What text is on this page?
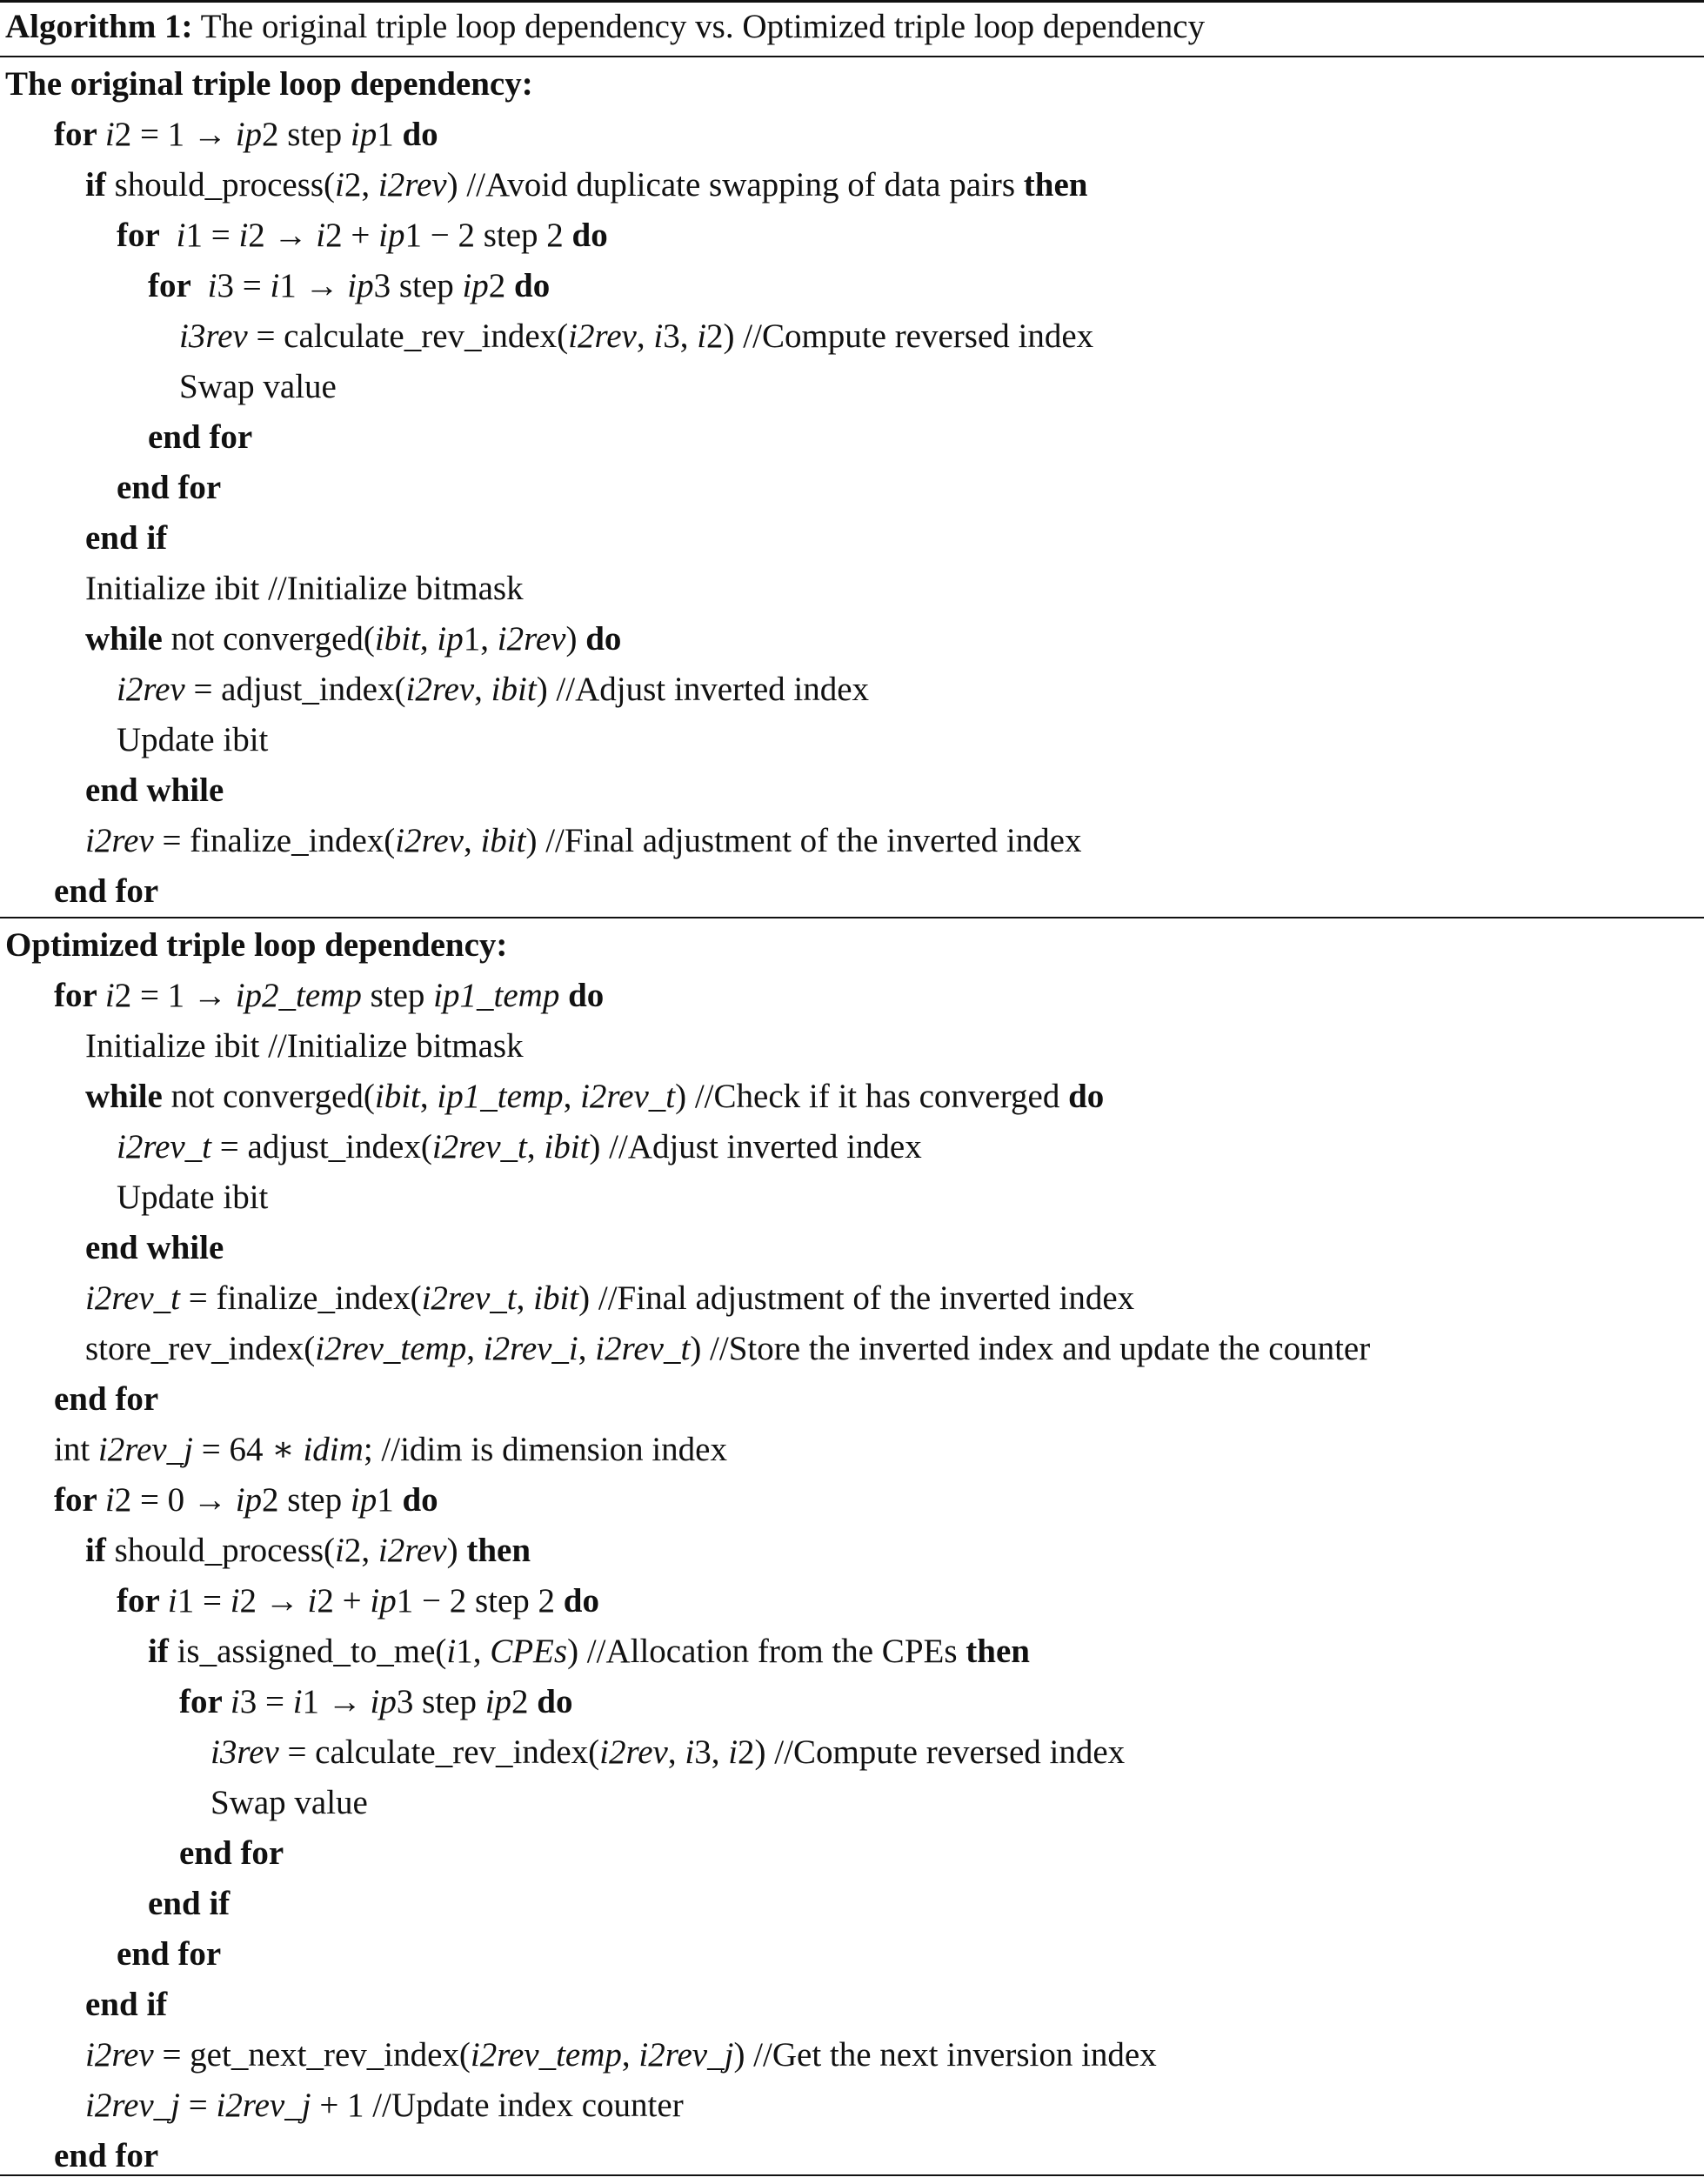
Algorithm 1: The original triple loop dependency vs. Optimized triple loop dependency
The original triple loop dependency:
for i2 = 1 → ip2 step ip1 do
if should_process(i2, i2rev) //Avoid duplicate swapping of data pairs then
for  i1 = i2 → i2 + ip1 − 2 step 2 do
for  i3 = i1 → ip3 step ip2 do
i3rev = calculate_rev_index(i2rev, i3, i2) //Compute reversed index
Swap value
end for
end for
end if
Initialize ibit //Initialize bitmask
while not converged(ibit, ip1, i2rev) do
i2rev = adjust_index(i2rev, ibit) //Adjust inverted index
Update ibit
end while
i2rev = finalize_index(i2rev, ibit) //Final adjustment of the inverted index
end for
Optimized triple loop dependency:
for i2 = 1 → ip2_temp step ip1_temp do
Initialize ibit //Initialize bitmask
while not converged(ibit, ip1_temp, i2rev_t) //Check if it has converged do
i2rev_t = adjust_index(i2rev_t, ibit) //Adjust inverted index
Update ibit
end while
i2rev_t = finalize_index(i2rev_t, ibit) //Final adjustment of the inverted index
store_rev_index(i2rev_temp, i2rev_i, i2rev_t) //Store the inverted index and update the counter
end for
int i2rev_j = 64 ∗ idim; //idim is dimension index
for i2 = 0 → ip2 step ip1 do
if should_process(i2, i2rev) then
for i1 = i2 → i2 + ip1 − 2 step 2 do
if is_assigned_to_me(i1, CPEs) //Allocation from the CPEs then
for i3 = i1 → ip3 step ip2 do
i3rev = calculate_rev_index(i2rev, i3, i2) //Compute reversed index
Swap value
end for
end if
end for
end if
i2rev = get_next_rev_index(i2rev_temp, i2rev_j) //Get the next inversion index
i2rev_j = i2rev_j + 1 //Update index counter
end for
